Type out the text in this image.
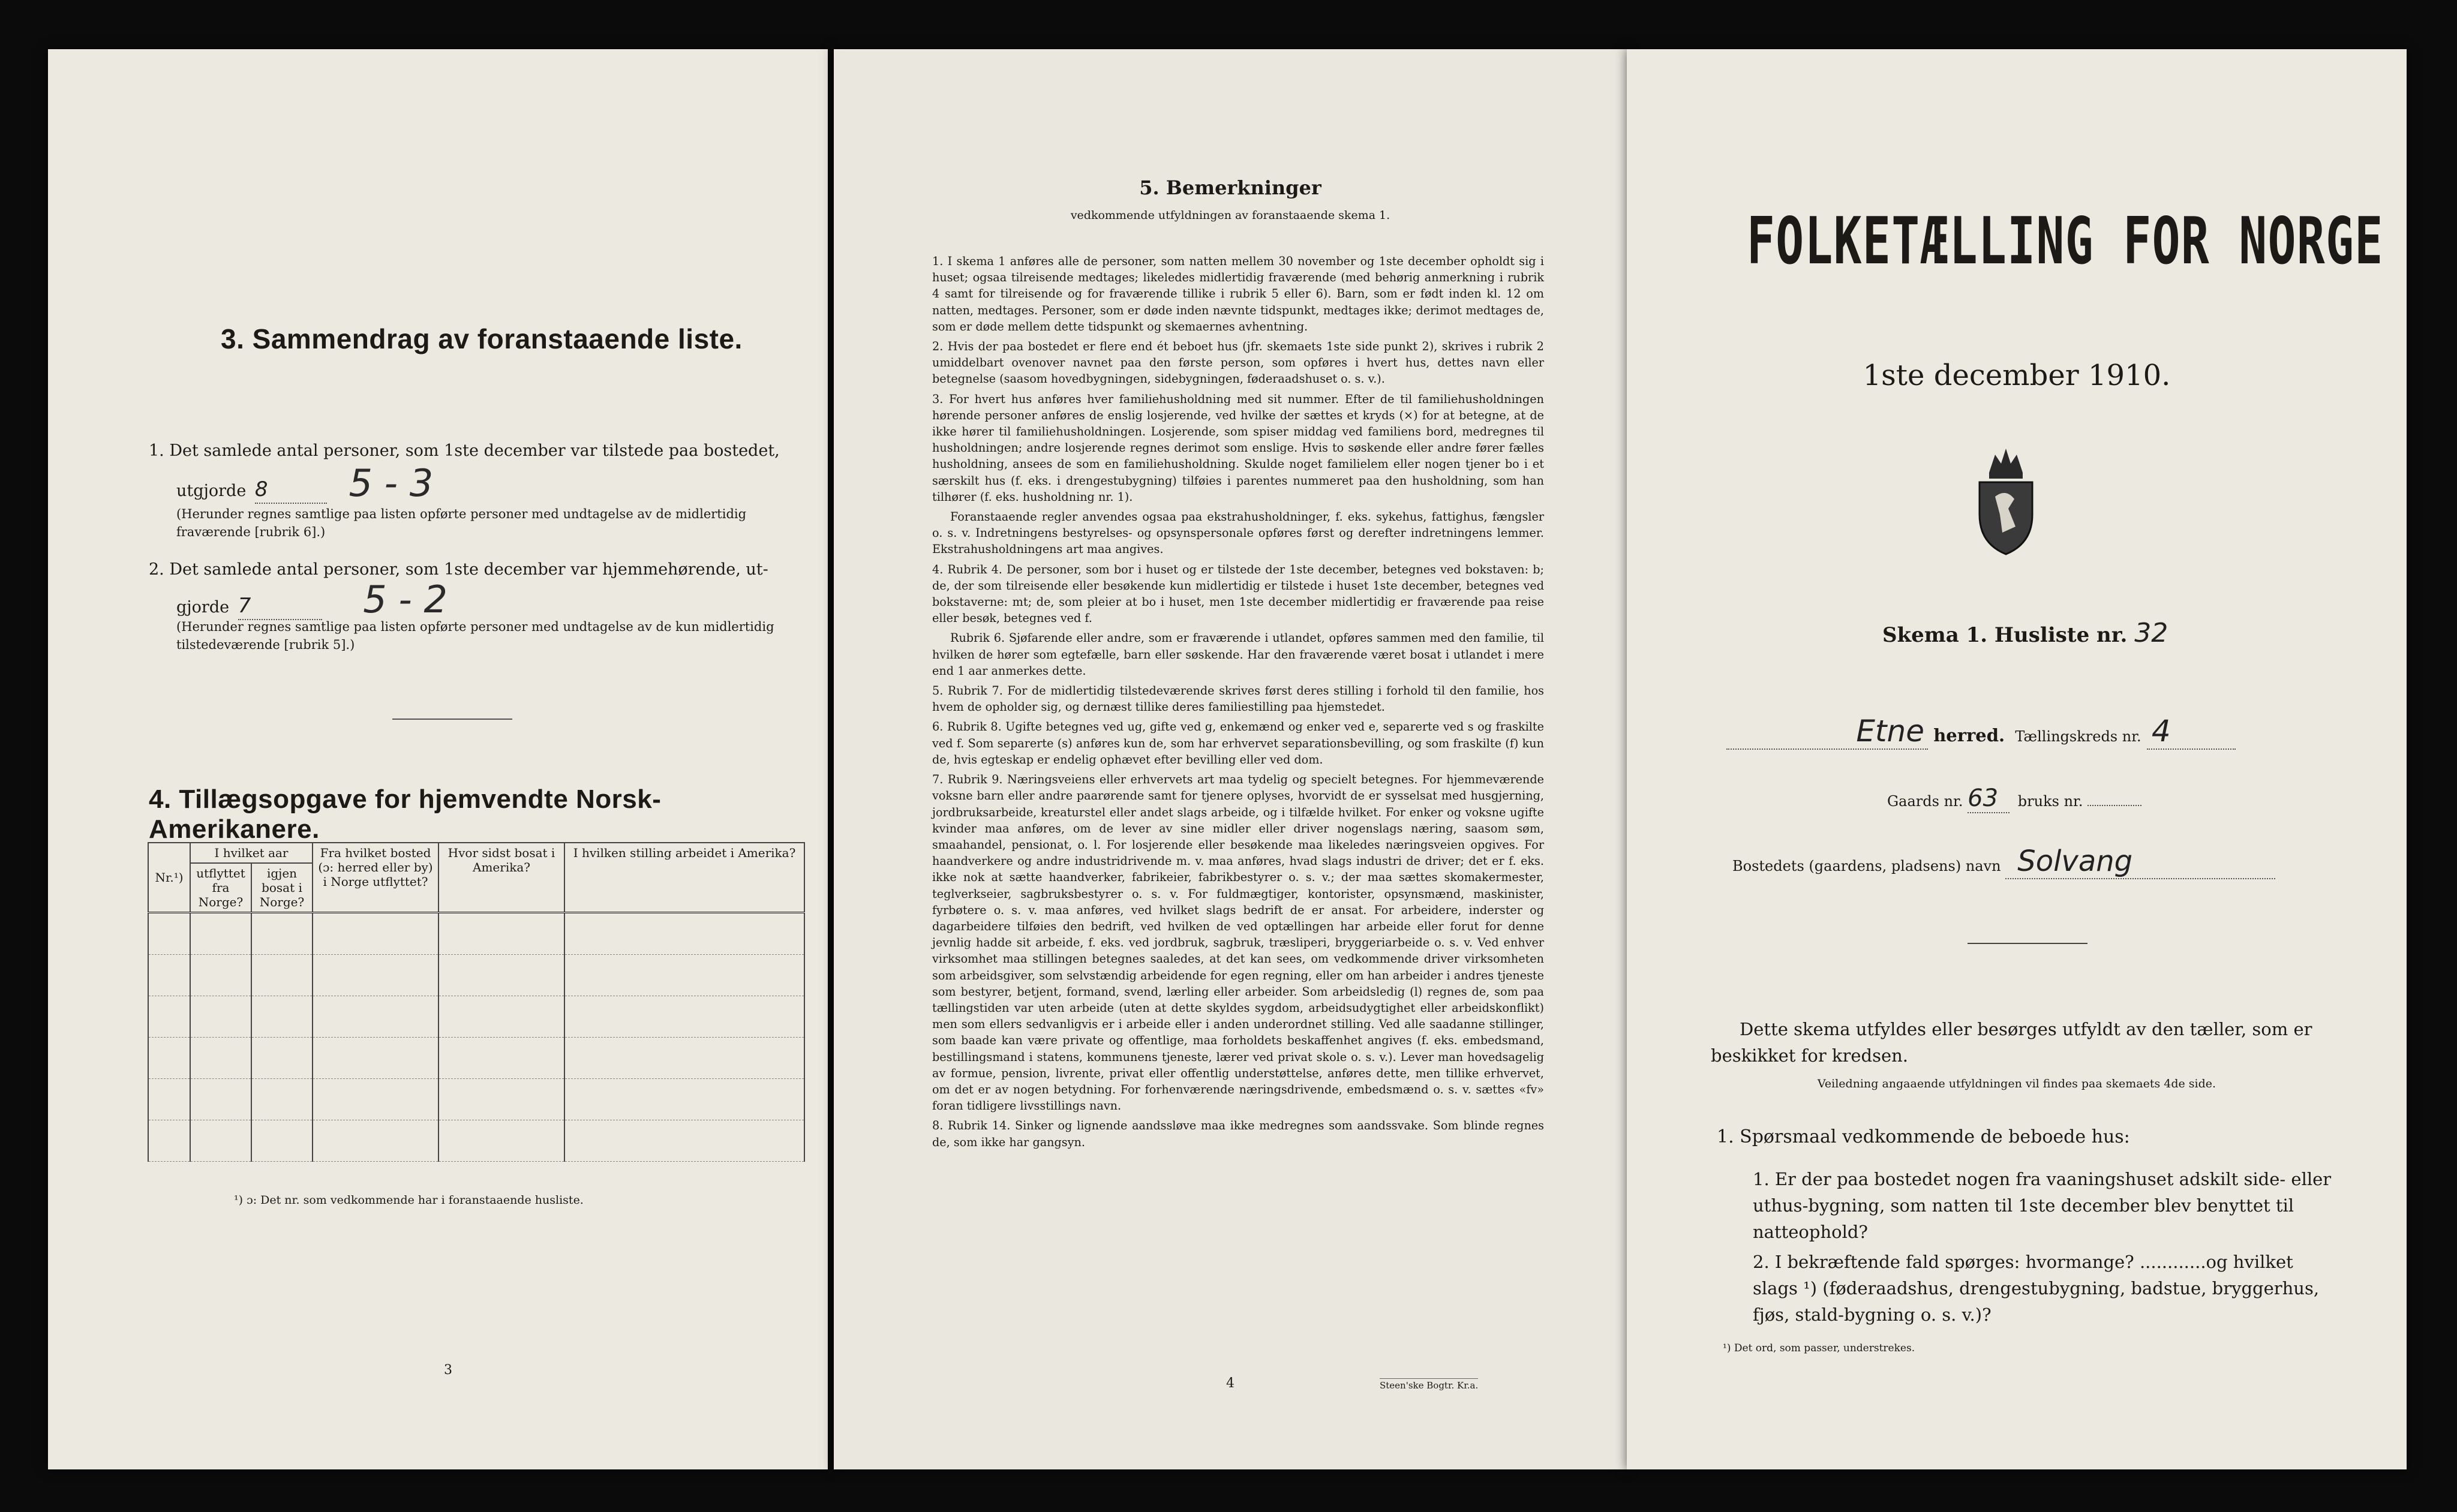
3. Sammendrag av foranstaaende liste.
1. Det samlede antal personer, som 1ste december var tilstede paa bostedet,
utgjorde 8 5 - 3
(Herunder regnes samtlige paa listen opførte personer med undtagelse av de midlertidig fraværende [rubrik 6].)
2. Det samlede antal personer, som 1ste december var hjemmehørende, ut-
gjorde 7	5 - 2
(Herunder regnes samtlige paa listen opførte personer med undtagelse av de kun midlertidig tilstedeværende [rubrik 5].)
4. Tillægsopgave for hjemvendte Norsk-Amerikanere.
Nr.¹)	I hvilket aar		Fra hvilket bosted (ɔ: herred eller by) i Norge utflyttet?	Hvor sidst bosat i Amerika?	I hvilken stilling arbeidet i Amerika?
	utflyttet fra Norge?	igjen bosat i Norge?			

¹) ɔ: Det nr. som vedkommende har i foranstaaende husliste.
3
5. Bemerkninger
vedkommende utfyldningen av foranstaaende skema 1.

1. I skema 1 anføres alle de personer, som natten mellem 30 november og 1ste december opholdt sig i huset; ogsaa tilreisende medtages; likeledes midlertidig fraværende (med behørig anmerkning i rubrik 4 samt for tilreisende og for fraværende tillike i rubrik 5 eller 6). Barn, som er født inden kl. 12 om natten, medtages. Personer, som er døde inden nævnte tidspunkt, medtages ikke; derimot medtages de, som er døde mellem dette tidspunkt og skemaernes avhentning.

2. Hvis der paa bostedet er flere end ét beboet hus (jfr. skemaets 1ste side punkt 2), skrives i rubrik 2 umiddelbart ovenover navnet paa den første person, som opføres i hvert hus, dettes navn eller betegnelse (saasom hovedbygningen, sidebygningen, føderaadshuset o. s. v.).

3. For hvert hus anføres hver familiehusholdning med sit nummer. Efter de til familiehusholdningen hørende personer anføres de enslig losjerende, ved hvilke der sættes et kryds (×) for at betegne, at de ikke hører til familiehusholdningen. Losjerende, som spiser middag ved familiens bord, medregnes til husholdningen; andre losjerende regnes derimot som enslige. Hvis to søskende eller andre fører fælles husholdning, ansees de som en familiehusholdning. Skulde noget familielem eller nogen tjener bo i et særskilt hus (f. eks. i drengestubygning) tilføies i parentes nummeret paa den husholdning, som han tilhører (f. eks. husholdning nr. 1).

Foranstaaende regler anvendes ogsaa paa ekstrahusholdninger, f. eks. sykehus, fattighus, fængsler o. s. v. Indretningens bestyrelses- og opsynspersonale opføres først og derefter indretningens lemmer. Ekstrahusholdningens art maa angives.

4. Rubrik 4. De personer, som bor i huset og er tilstede der 1ste december, betegnes ved bokstaven: b; de, der som tilreisende eller besøkende kun midlertidig er tilstede i huset 1ste december, betegnes ved bokstaverne: mt; de, som pleier at bo i huset, men 1ste december midlertidig er fraværende paa reise eller besøk, betegnes ved f.

Rubrik 6. Sjøfarende eller andre, som er fraværende i utlandet, opføres sammen med den familie, til hvilken de hører som egtefælle, barn eller søskende. Har den fraværende været bosat i utlandet i mere end 1 aar anmerkes dette.

5. Rubrik 7. For de midlertidig tilstedeværende skrives først deres stilling i forhold til den familie, hos hvem de opholder sig, og dernæst tillike deres familiestilling paa hjemstedet.

6. Rubrik 8. Ugifte betegnes ved ug, gifte ved g, enkemænd og enker ved e, separerte ved s og fraskilte ved f. Som separerte (s) anføres kun de, som har erhvervet separationsbevilling, og som fraskilte (f) kun de, hvis egteskap er endelig ophævet efter bevilling eller ved dom.

7. Rubrik 9. Næringsveiens eller erhvervets art maa tydelig og specielt betegnes. For hjemmeværende voksne barn eller andre paarørende samt for tjenere oplyses, hvorvidt de er sysselsat med husgjerning, jordbruksarbeide, kreaturstel eller andet slags arbeide, og i tilfælde hvilket. For enker og voksne ugifte kvinder maa anføres, om de lever av sine midler eller driver nogenslags næring, saasom søm, smaahandel, pensionat, o. l. For losjerende eller besøkende maa likeledes næringsveien opgives. For haandverkere og andre industridrivende m. v. maa anføres, hvad slags industri de driver; det er f. eks. ikke nok at sætte haandverker, fabrikeier, fabrikbestyrer o. s. v.; der maa sættes skomakermester, teglverkseier, sagbruksbestyrer o. s. v. For fuldmægtiger, kontorister, opsynsmænd, maskinister, fyrbøtere o. s. v. maa anføres, ved hvilket slags bedrift de er ansat. For arbeidere, inderster og dagarbeidere tilføies den bedrift, ved hvilken de ved optællingen har arbeide eller forut for denne jevnlig hadde sit arbeide, f. eks. ved jordbruk, sagbruk, træsliperi, bryggeriarbeide o. s. v. Ved enhver virksomhet maa stillingen betegnes saaledes, at det kan sees, om vedkommende driver virksomheten som arbeidsgiver, som selvstændig arbeidende for egen regning, eller om han arbeider i andres tjeneste som bestyrer, betjent, formand, svend, lærling eller arbeider. Som arbeidsledig (l) regnes de, som paa tællingstiden var uten arbeide (uten at dette skyldes sygdom, arbeidsudygtighet eller arbeidskonflikt) men som ellers sedvanligvis er i arbeide eller i anden underordnet stilling. Ved alle saadanne stillinger, som baade kan være private og offentlige, maa forholdets beskaffenhet angives (f. eks. embedsmand, bestillingsmand i statens, kommunens tjeneste, lærer ved privat skole o. s. v.). Lever man hovedsagelig av formue, pension, livrente, privat eller offentlig understøttelse, anføres dette, men tillike erhvervet, om det er av nogen betydning. For forhenværende næringsdrivende, embedsmænd o. s. v. sættes «fv» foran tidligere livsstillings navn.

8. Rubrik 14. Sinker og lignende aandssløve maa ikke medregnes som aandssvake. Som blinde regnes de, som ikke har gangsyn.

4	Steen'ske Bogtr. Kr.a.
FOLKETÆLLING FOR NORGE
1ste december 1910.
Skema 1. Husliste nr. 32
Etne herred. Tællingskreds nr. 4
Gaards nr. 63 bruks nr.
Bostedets (gaardens, pladsens) navn Solvang
Dette skema utfyldes eller besørges utfyldt av den tæller, som er beskikket for kredsen.
Veiledning angaaende utfyldningen vil findes paa skemaets 4de side.
1. Spørsmaal vedkommende de beboede hus:
1. Er der paa bostedet nogen fra vaaningshuset adskilt side- eller uthus-bygning, som natten til 1ste december blev benyttet til natteophold?
2. I bekræftende fald spørges: hvormange? ............og hvilket slags ¹) (føderaadshus, drengestubygning, badstue, bryggerhus, fjøs, stald-bygning o. s. v.)?
¹) Det ord, som passer, understrekes.
